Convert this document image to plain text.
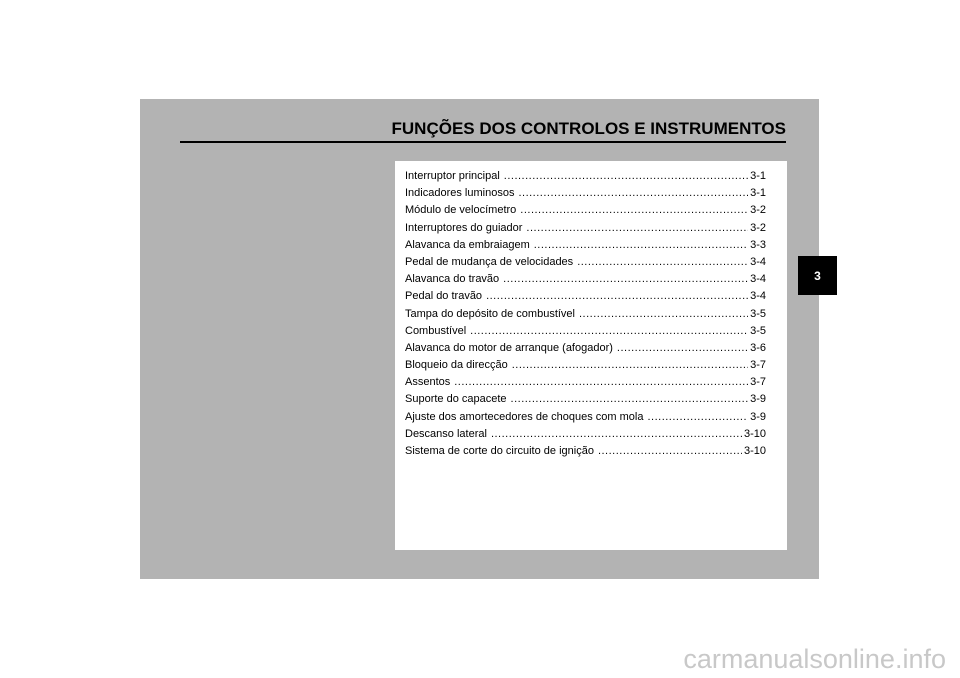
FUNÇÕES DOS CONTROLOS E INSTRUMENTOS
Interruptor principal .....	3-1
Indicadores luminosos .....	3-1
Módulo de velocímetro .....	3-2
Interruptores do guiador .....	3-2
Alavanca da embraiagem .....	3-3
Pedal de mudança de velocidades .....	3-4
Alavanca do travão .....	3-4
Pedal do travão .....	3-4
Tampa do depósito de combustível .....	3-5
Combustível .....	3-5
Alavanca do motor de arranque (afogador) .....	3-6
Bloqueio da direcção .....	3-7
Assentos .....	3-7
Suporte do capacete .....	3-9
Ajuste dos amortecedores de choques com mola .....	3-9
Descanso lateral .....	3-10
Sistema de corte do circuito de ignição .....	3-10
3
carmanualsonline.info
